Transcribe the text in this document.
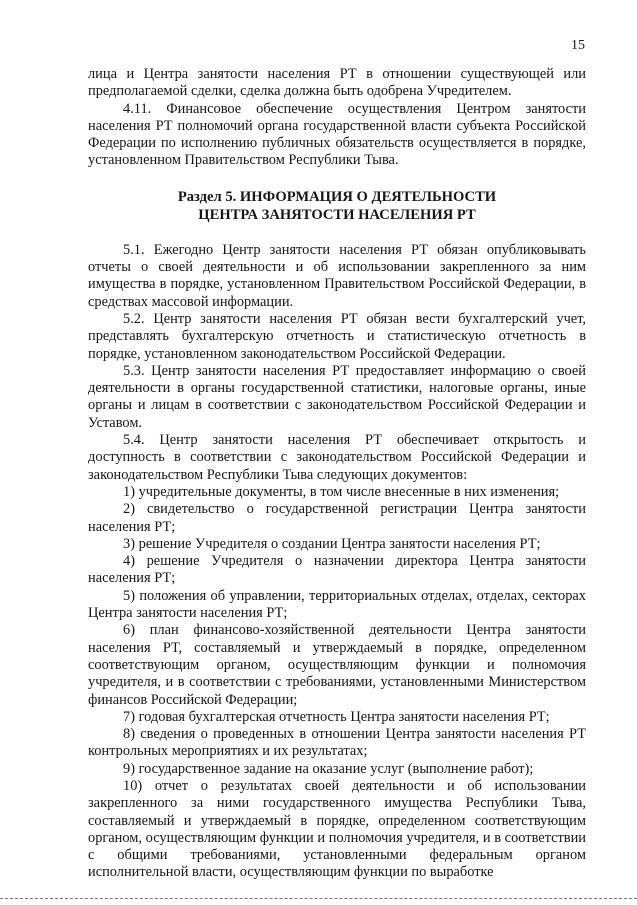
15

лица и Центра занятости населения РТ в отношении существующей или предполагаемой сделки, сделка должна быть одобрена Учредителем.

4.11. Финансовое обеспечение осуществления Центром занятости населения РТ полномочий органа государственной власти субъекта Российской Федерации по исполнению публичных обязательств осуществляется в порядке, установленном Правительством Республики Тыва.

Раздел 5. ИНФОРМАЦИЯ О ДЕЯТЕЛЬНОСТИ
ЦЕНТРА ЗАНЯТОСТИ НАСЕЛЕНИЯ РТ

5.1. Ежегодно Центр занятости населения РТ обязан опубликовывать отчеты о своей деятельности и об использовании закрепленного за ним имущества в порядке, установленном Правительством Российской Федерации, в средствах массовой информации.

5.2. Центр занятости населения РТ обязан вести бухгалтерский учет, представлять бухгалтерскую отчетность и статистическую отчетность в порядке, установленном законодательством Российской Федерации.

5.3. Центр занятости населения РТ предоставляет информацию о своей деятельности в органы государственной статистики, налоговые органы, иные органы и лицам в соответствии с законодательством Российской Федерации и Уставом.

5.4. Центр занятости населения РТ обеспечивает открытость и доступность в соответствии с законодательством Российской Федерации и законодательством Республики Тыва следующих документов:

1) учредительные документы, в том числе внесенные в них изменения;

2) свидетельство о государственной регистрации Центра занятости населения РТ;

3) решение Учредителя о создании Центра занятости населения РТ;

4) решение Учредителя о назначении директора Центра занятости населения РТ;

5) положения об управлении, территориальных отделах, отделах, секторах Центра занятости населения РТ;

6) план финансово-хозяйственной деятельности Центра занятости населения РТ, составляемый и утверждаемый в порядке, определенном соответствующим органом, осуществляющим функции и полномочия учредителя, и в соответствии с требованиями, установленными Министерством финансов Российской Федерации;

7) годовая бухгалтерская отчетность Центра занятости населения РТ;

8) сведения о проведенных в отношении Центра занятости населения РТ контрольных мероприятиях и их результатах;

9) государственное задание на оказание услуг (выполнение работ);

10) отчет о результатах своей деятельности и об использовании закрепленного за ними государственного имущества Республики Тыва, составляемый и утверждаемый в порядке, определенном соответствующим органом, осуществляющим функции и полномочия учредителя, и в соответствии с общими требованиями, установленными федеральным органом исполнительной власти, осуществляющим функции по выработке
